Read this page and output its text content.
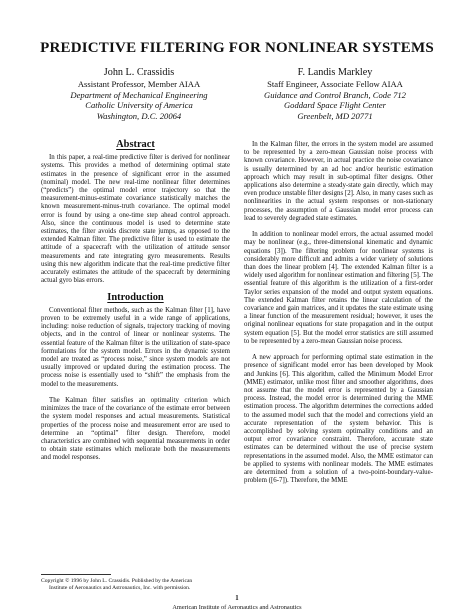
PREDICTIVE FILTERING FOR NONLINEAR SYSTEMS
John L. Crassidis
Assistant Professor, Member AIAA
Department of Mechanical Engineering
Catholic University of America
Washington, D.C. 20064
F. Landis Markley
Staff Engineer, Associate Fellow AIAA
Guidance and Control Branch, Code 712
Goddard Space Flight Center
Greenbelt, MD 20771
Abstract

In this paper, a real-time predictive filter is derived for nonlinear systems. This provides a method of determining optimal state estimates in the presence of significant error in the assumed (nominal) model. The new real-time nonlinear filter determines (“predicts”) the optimal model error trajectory so that the measurement-minus-estimate covariance statistically matches the known measurement-minus-truth covariance. The optimal model error is found by using a one-time step ahead control approach. Also, since the continuous model is used to determine state estimates, the filter avoids discrete state jumps, as opposed to the extended Kalman filter. The predictive filter is used to estimate the attitude of a spacecraft with the utilization of attitude sensor measurements and rate integrating gyro measurements. Results using this new algorithm indicate that the real-time predictive filter accurately estimates the attitude of the spacecraft by determining actual gyro bias errors.

Introduction

Conventional filter methods, such as the Kalman filter [1], have proven to be extremely useful in a wide range of applications, including: noise reduction of signals, trajectory tracking of moving objects, and in the control of linear or nonlinear systems. The essential feature of the Kalman filter is the utilization of state-space formulations for the system model. Errors in the dynamic system model are treated as “process noise,” since system models are not usually improved or updated during the estimation process. The process noise is essentially used to “shift” the emphasis from the model to the measurements.

The Kalman filter satisfies an optimality criterion which minimizes the trace of the covariance of the estimate error between the system model responses and actual measurements. Statistical properties of the process noise and measurement error are used to determine an “optimal” filter design. Therefore, model characteristics are combined with sequential measurements in order to obtain state estimates which meliorate both the measurements and model responses.

In the Kalman filter, the errors in the system model are assumed to be represented by a zero-mean Gaussian noise process with known covariance. However, in actual practice the noise covariance is usually determined by an ad hoc and/or heuristic estimation approach which may result in sub-optimal filter designs. Other applications also determine a steady-state gain directly, which may even produce unstable filter designs [2]. Also, in many cases such as nonlinearities in the actual system responses or non-stationary processes, the assumption of a Gaussian model error process can lead to severely degraded state estimates.

In addition to nonlinear model errors, the actual assumed model may be nonlinear (e.g., three-dimensional kinematic and dynamic equations [3]). The filtering problem for nonlinear systems is considerably more difficult and admits a wider variety of solutions than does the linear problem [4]. The extended Kalman filter is a widely used algorithm for nonlinear estimation and filtering [5]. The essential feature of this algorithm is the utilization of a first-order Taylor series expansion of the model and output system equations. The extended Kalman filter retains the linear calculation of the covariance and gain matrices, and it updates the state estimate using a linear function of the measurement residual; however, it uses the original nonlinear equations for state propagation and in the output system equation [5]. But the model error statistics are still assumed to be represented by a zero-mean Gaussian noise process.

A new approach for performing optimal state estimation in the presence of significant model error has been developed by Mook and Junkins [6]. This algorithm, called the Minimum Model Error (MME) estimator, unlike most filter and smoother algorithms, does not assume that the model error is represented by a Gaussian process. Instead, the model error is determined during the MME estimation process. The algorithm determines the corrections added to the assumed model such that the model and corrections yield an accurate representation of the system behavior. This is accomplished by solving system optimality conditions and an output error covariance constraint. Therefore, accurate state estimates can be determined without the use of precise system representations in the assumed model. Also, the MME estimator can be applied to systems with nonlinear models. The MME estimates are determined from a solution of a two-point-boundary-value-problem ([6-7]). Therefore, the MME

Copyright © 1996 by John L. Crassidis. Published by the American
Institute of Aeronautics and Astronautics, Inc. with permission.
1
American Institute of Aeronautics and Astronautics
